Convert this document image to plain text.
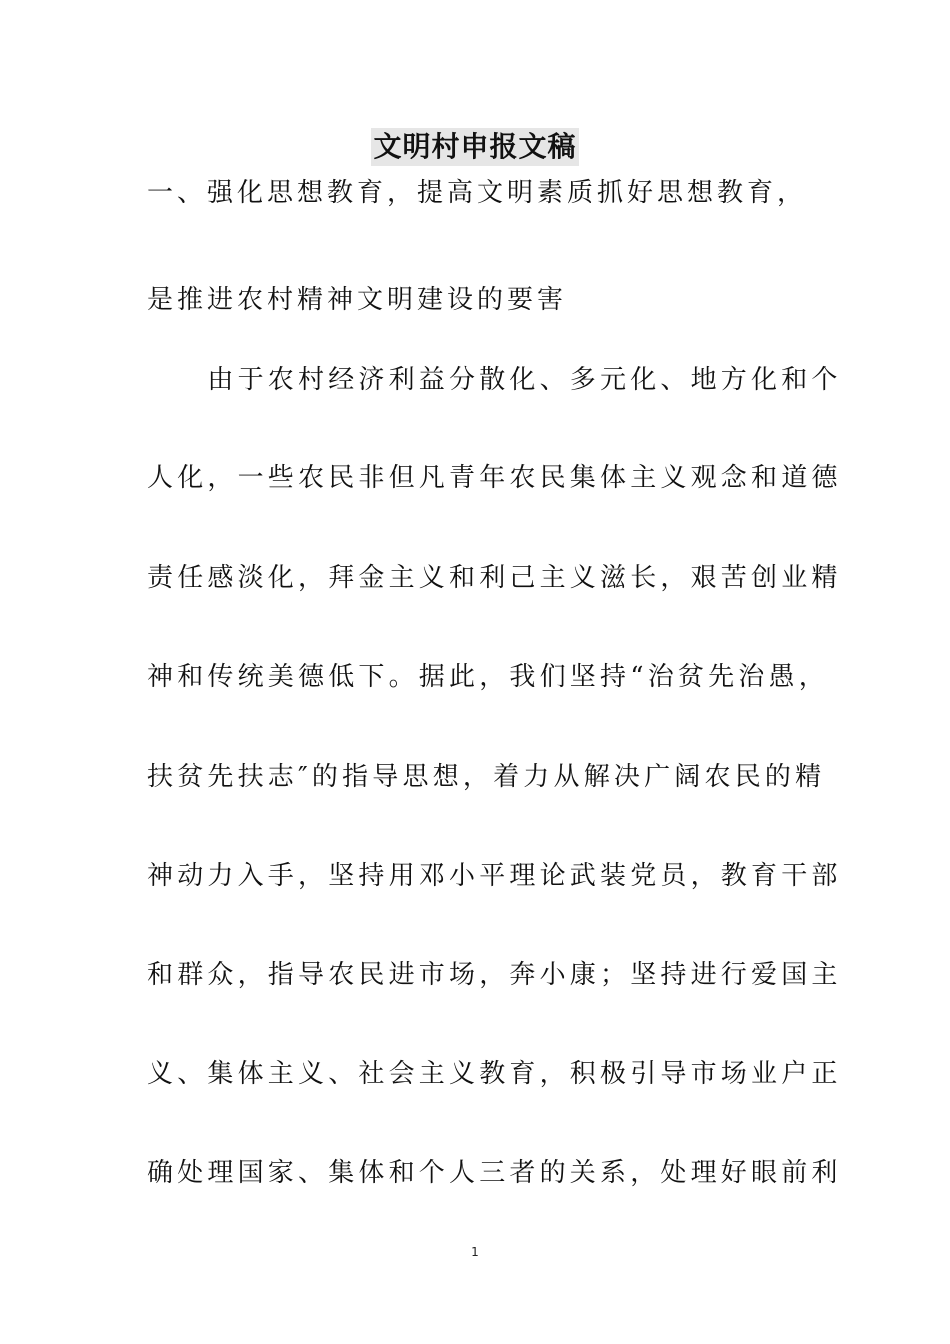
文明村申报文稿
一、强化思想教育，提高文明素质抓好思想教育，
是推进农村精神文明建设的要害
　　由于农村经济利益分散化、多元化、地方化和个
人化，一些农民非但凡青年农民集体主义观念和道德
责任感淡化，拜金主义和利己主义滋长，艰苦创业精
神和传统美德低下。据此，我们坚持“治贫先治愚，
扶贫先扶志″的指导思想，着力从解决广阔农民的精
神动力入手，坚持用邓小平理论武装党员，教育干部
和群众，指导农民进市场，奔小康；坚持进行爱国主
义、集体主义、社会主义教育，积极引导市场业户正
确处理国家、集体和个人三者的关系，处理好眼前利
1
